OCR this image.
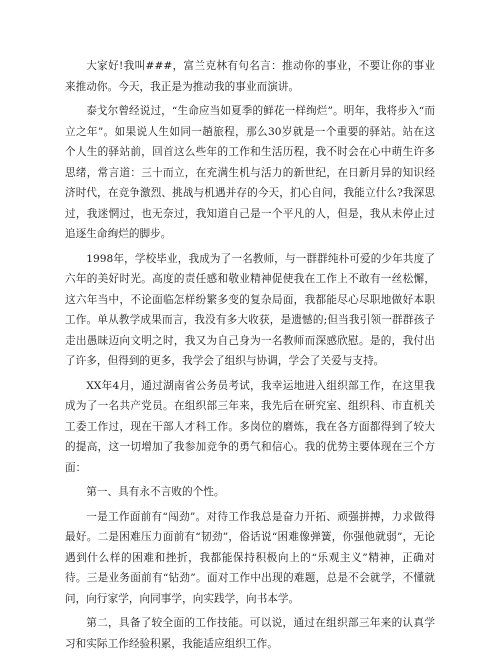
大家好!我叫###，富兰克林有句名言：推动你的事业，不要让你的事业来推动你。今天，我正是为推动我的事业而演讲。

泰戈尔曾经说过，“生命应当如夏季的鲜花一样绚烂”。明年，我将步入“而立之年”。如果说人生如同一趟旅程，那么30岁就是一个重要的驿站。站在这个人生的驿站前，回首这么些年的工作和生活历程，我不时会在心中萌生许多思绪，常言道：三十而立，在充满生机与活力的新世纪，在日新月异的知识经济时代，在竞争激烈、挑战与机遇并存的今天，扪心自问，我能立什么?我深思过，我迷惘过，也无奈过，我知道自己是一个平凡的人，但是，我从未停止过追逐生命绚烂的脚步。

1998年，学校毕业，我成为了一名教师，与一群群纯朴可爱的少年共度了六年的美好时光。高度的责任感和敬业精神促使我在工作上不敢有一丝松懈，这六年当中，不论面临怎样纷繁多变的复杂局面，我都能尽心尽职地做好本职工作。单从教学成果而言，我没有多大收获，是遗憾的;但当我引领一群群孩子走出愚昧迈向文明之时，我又为自己身为一名教师而深感欣慰。是的，我付出了许多，但得到的更多，我学会了组织与协调，学会了关爱与支持。

XX年4月，通过湖南省公务员考试，我幸运地进入组织部工作，在这里我成为了一名共产党员。在组织部三年来，我先后在研究室、组织科、市直机关工委工作过，现在干部人才科工作。多岗位的磨炼，我在各方面都得到了较大的提高，这一切增加了我参加竞争的勇气和信心。我的优势主要体现在三个方面：

第一、具有永不言败的个性。

一是工作面前有“闯劲”。对待工作我总是奋力开拓、顽强拼搏，力求做得最好。二是困难压力面前有“韧劲”，俗话说“困难像弹簧，你强他就弱”，无论遇到什么样的困难和挫折，我都能保持积极向上的“乐观主义”精神，正确对待。三是业务面前有“钻劲”。面对工作中出现的难题，总是不会就学，不懂就问，向行家学，向同事学，向实践学，向书本学。

第二，具备了较全面的工作技能。可以说，通过在组织部三年来的认真学习和实际工作经验积累，我能适应组织工作。
